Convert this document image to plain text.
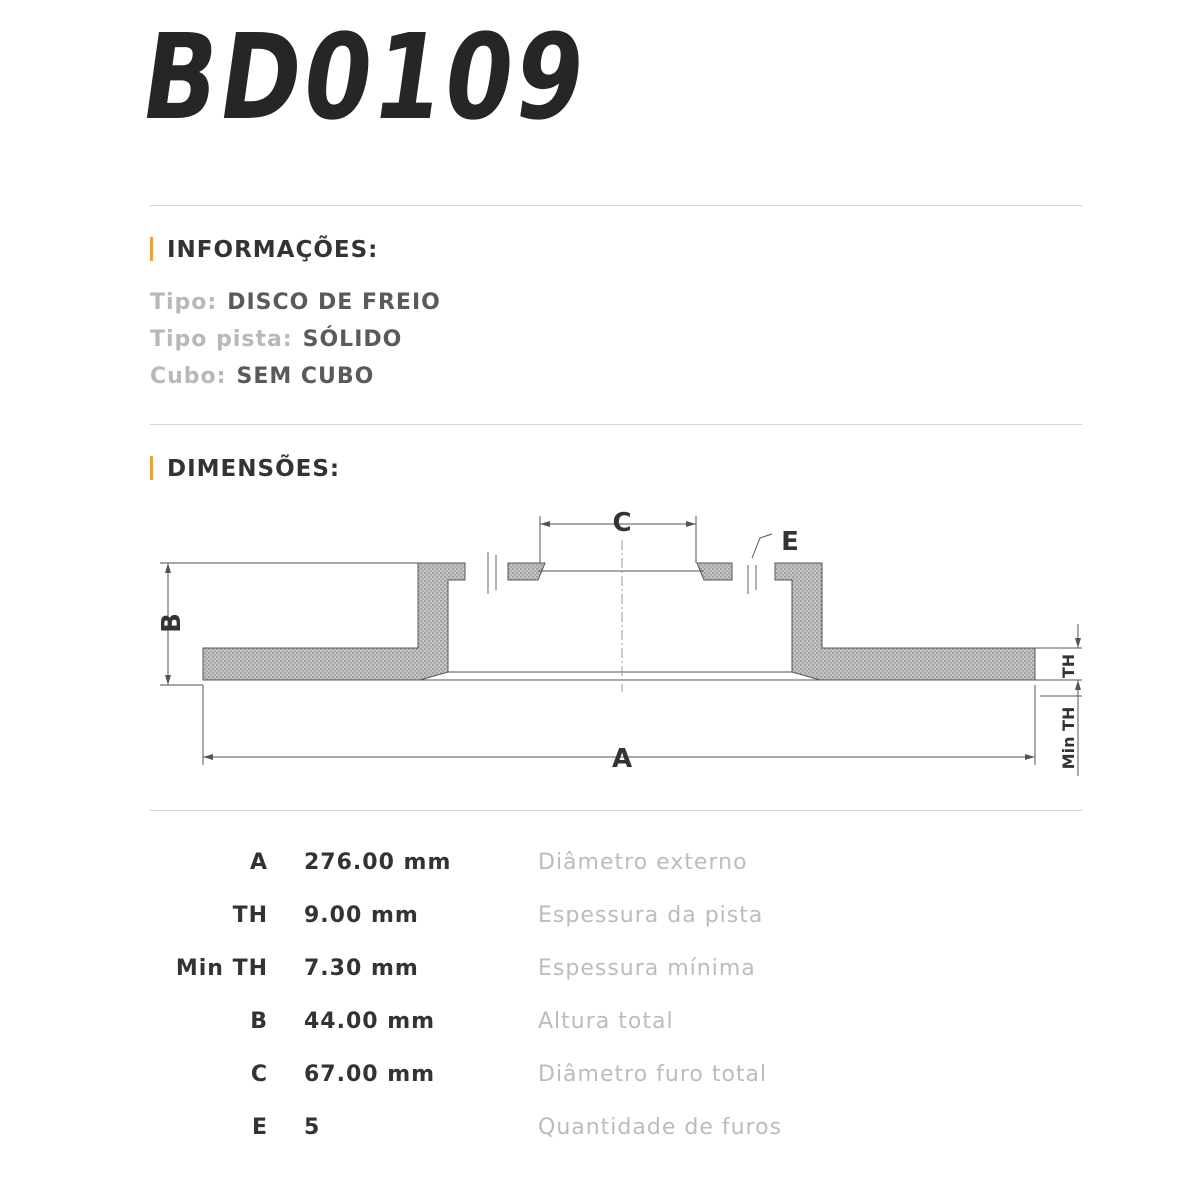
BD0109
INFORMAÇÕES:
Tipo: DISCO DE FREIO
Tipo pista: SÓLIDO
Cubo: SEM CUBO
DIMENSÕES:
C
E
B
A
TH
Min TH
A 276.00 mm	Diâmetro externo
TH 9.00 mm	Espessura da pista
Min TH 7.30 mm	Espessura mínima
B 44.00 mm	Altura total
C 67.00 mm	Diâmetro furo total
E 5	Quantidade de furos
